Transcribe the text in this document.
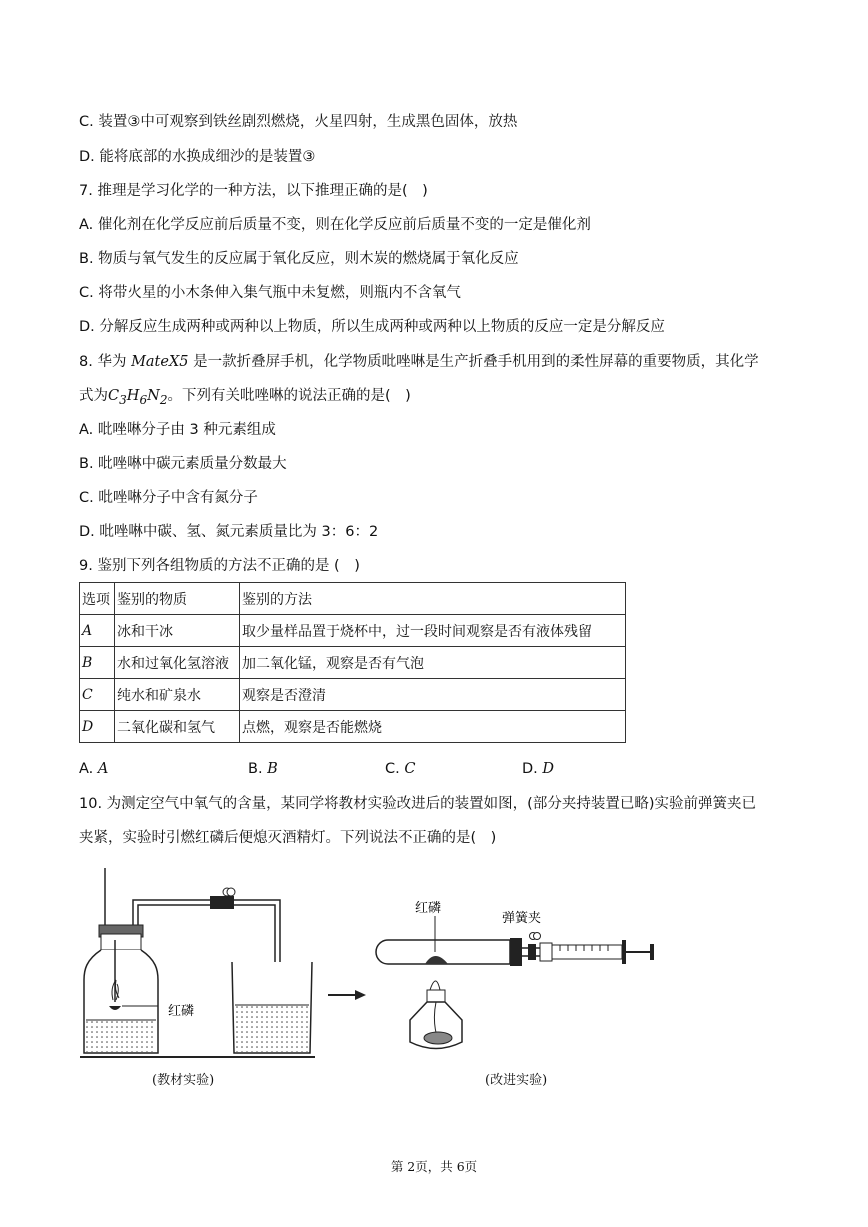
C. 装置③中可观察到铁丝剧烈燃烧，火星四射，生成黑色固体，放热
D. 能将底部的水换成细沙的是装置③
7. 推理是学习化学的一种方法，以下推理正确的是(　)
A. 催化剂在化学反应前后质量不变，则在化学反应前后质量不变的一定是催化剂
B. 物质与氧气发生的反应属于氧化反应，则木炭的燃烧属于氧化反应
C. 将带火星的小木条伸入集气瓶中未复燃，则瓶内不含氧气
D. 分解反应生成两种或两种以上物质，所以生成两种或两种以上物质的反应一定是分解反应
8. 华为 MateX5 是一款折叠屏手机，化学物质吡唑啉是生产折叠手机用到的柔性屏幕的重要物质，其化学
式为$C_3H_6N_2$。下列有关吡唑啉的说法正确的是(　)
A. 吡唑啉分子由 3 种元素组成
B. 吡唑啉中碳元素质量分数最大
C. 吡唑啉分子中含有氮分子
D. 吡唑啉中碳、氢、氮元素质量比为 3：6：2
9. 鉴别下列各组物质的方法不正确的是 (　)
选项	鉴别的物质	鉴别的方法
A	冰和干冰	取少量样品置于烧杯中，过一段时间观察是否有液体残留
B	水和过氧化氢溶液	加二氧化锰，观察是否有气泡
C	纯水和矿泉水	观察是否澄清
D	二氧化碳和氢气	点燃，观察是否能燃烧
A. A	B. B	C. C	D. D
10. 为测定空气中氧气的含量，某同学将教材实验改进后的装置如图，(部分夹持装置已略)实验前弹簧夹已
夹紧，实验时引燃红磷后便熄灭酒精灯。下列说法不正确的是(　)
红磷
红磷
弹簧夹
(教材实验)	(改进实验)
第 2页，共 6页
